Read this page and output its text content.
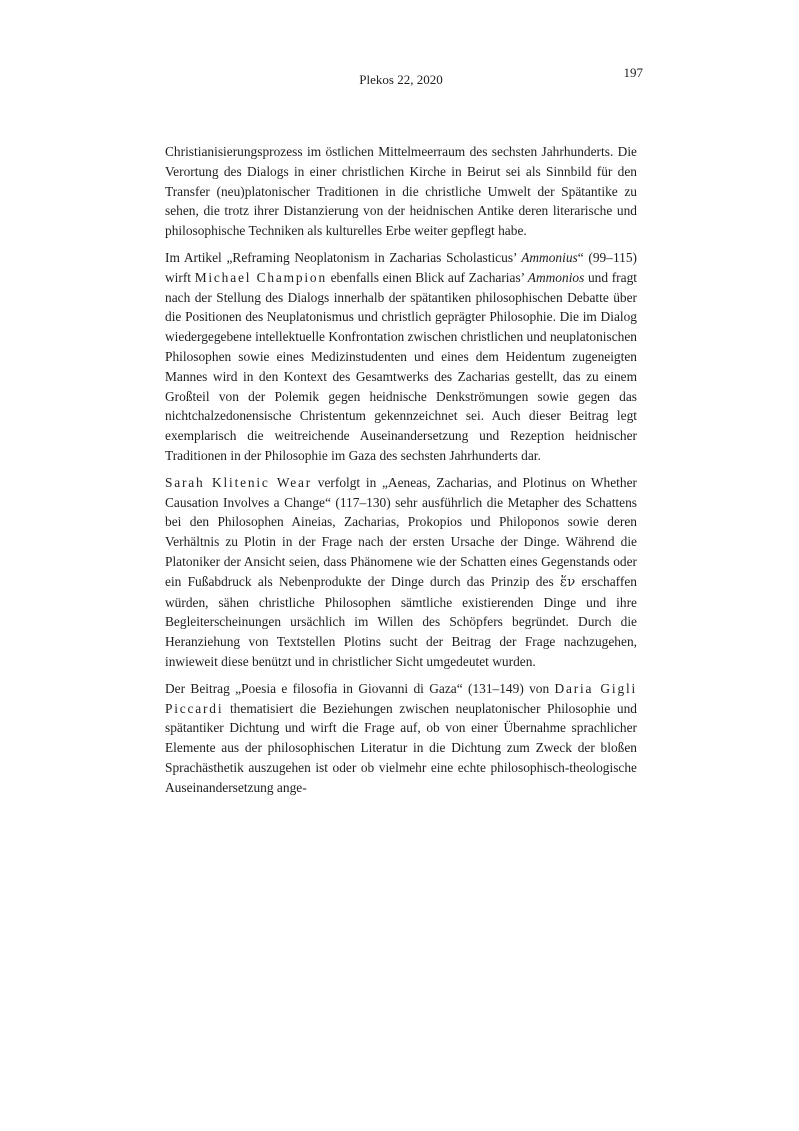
Plekos 22, 2020	197

Christianisierungsprozess im östlichen Mittelmeerraum des sechsten Jahrhunderts. Die Verortung des Dialogs in einer christlichen Kirche in Beirut sei als Sinnbild für den Transfer (neu)platonischer Traditionen in die christliche Umwelt der Spätantike zu sehen, die trotz ihrer Distanzierung von der heidnischen Antike deren literarische und philosophische Techniken als kulturelles Erbe weiter gepflegt habe.

Im Artikel „Reframing Neoplatonism in Zacharias Scholasticus’ Ammonius“ (99–115) wirft Michael Champion ebenfalls einen Blick auf Zacharias’ Ammonios und fragt nach der Stellung des Dialogs innerhalb der spätantiken philosophischen Debatte über die Positionen des Neuplatonismus und christlich geprägter Philosophie. Die im Dialog wiedergegebene intellektuelle Konfrontation zwischen christlichen und neuplatonischen Philosophen sowie eines Medizinstudenten und eines dem Heidentum zugeneigten Mannes wird in den Kontext des Gesamtwerks des Zacharias gestellt, das zu einem Großteil von der Polemik gegen heidnische Denkströmungen sowie gegen das nichtchalzedonensische Christentum gekennzeichnet sei. Auch dieser Beitrag legt exemplarisch die weitreichende Auseinandersetzung und Rezeption heidnischer Traditionen in der Philosophie im Gaza des sechsten Jahrhunderts dar.

Sarah Klitenic Wear verfolgt in „Aeneas, Zacharias, and Plotinus on Whether Causation Involves a Change“ (117–130) sehr ausführlich die Metapher des Schattens bei den Philosophen Aineias, Zacharias, Prokopios und Philoponos sowie deren Verhältnis zu Plotin in der Frage nach der ersten Ursache der Dinge. Während die Platoniker der Ansicht seien, dass Phänomene wie der Schatten eines Gegenstands oder ein Fußabdruck als Nebenprodukte der Dinge durch das Prinzip des ἕν erschaffen würden, sähen christliche Philosophen sämtliche existierenden Dinge und ihre Begleiterscheinungen ursächlich im Willen des Schöpfers begründet. Durch die Heranziehung von Textstellen Plotins sucht der Beitrag der Frage nachzugehen, inwieweit diese benützt und in christlicher Sicht umgedeutet wurden.

Der Beitrag „Poesia e filosofia in Giovanni di Gaza“ (131–149) von Daria Gigli Piccardi thematisiert die Beziehungen zwischen neuplatonischer Philosophie und spätantiker Dichtung und wirft die Frage auf, ob von einer Übernahme sprachlicher Elemente aus der philosophischen Literatur in die Dichtung zum Zweck der bloßen Sprachästhetik auszugehen ist oder ob vielmehr eine echte philosophisch-theologische Auseinandersetzung ange-
